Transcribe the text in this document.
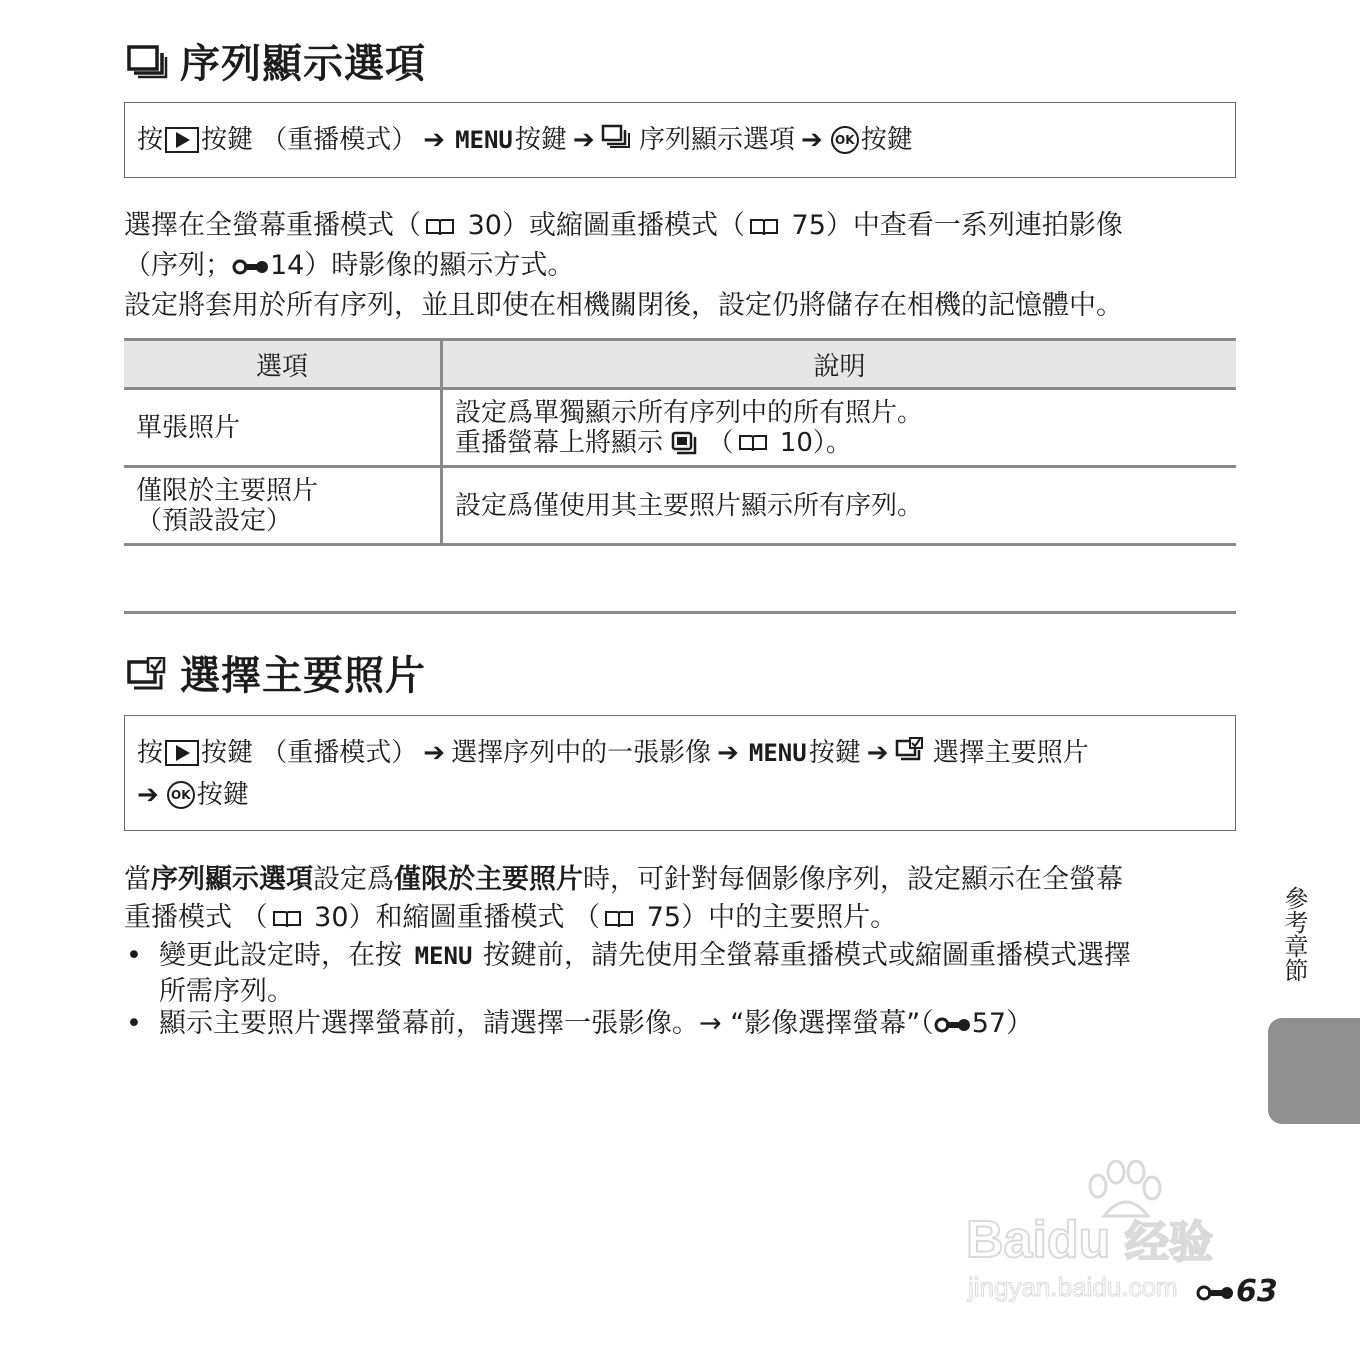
序列顯示選項
按 按鍵 （重播模式） ➔ MENU按鍵 ➔ 序列顯示選項 ➔ OK 按鍵
選擇在全螢幕重播模式（ 30）或縮圖重播模式（ 75）中查看一系列連拍影像
（序列； 14）時影像的顯示方式。
設定將套用於所有序列，並且即使在相機關閉後，設定仍將儲存在相機的記憶體中。
選項	說明
單張照片	設定爲單獨顯示所有序列中的所有照片。
重播螢幕上將顯示 （ 10）。

僅限於主要照片
（預設設定）	設定爲僅使用其主要照片顯示所有序列。
選擇主要照片
按 按鍵 （重播模式） ➔ 選擇序列中的一張影像 ➔ MENU按鍵 ➔ 選擇主要照片
➔ OK 按鍵
當序列顯示選項設定爲僅限於主要照片時，可針對每個影像序列，設定顯示在全螢幕
重播模式 （ 30）和縮圖重播模式 （ 75）中的主要照片。
• 變更此設定時，在按 MENU 按鍵前，請先使用全螢幕重播模式或縮圖重播模式選擇
所需序列。
• 顯示主要照片選擇螢幕前，請選擇一張影像。→ “影像選擇螢幕”（ 57）
參考章節
Baidu 经验
jingyan.baidu.com	63
